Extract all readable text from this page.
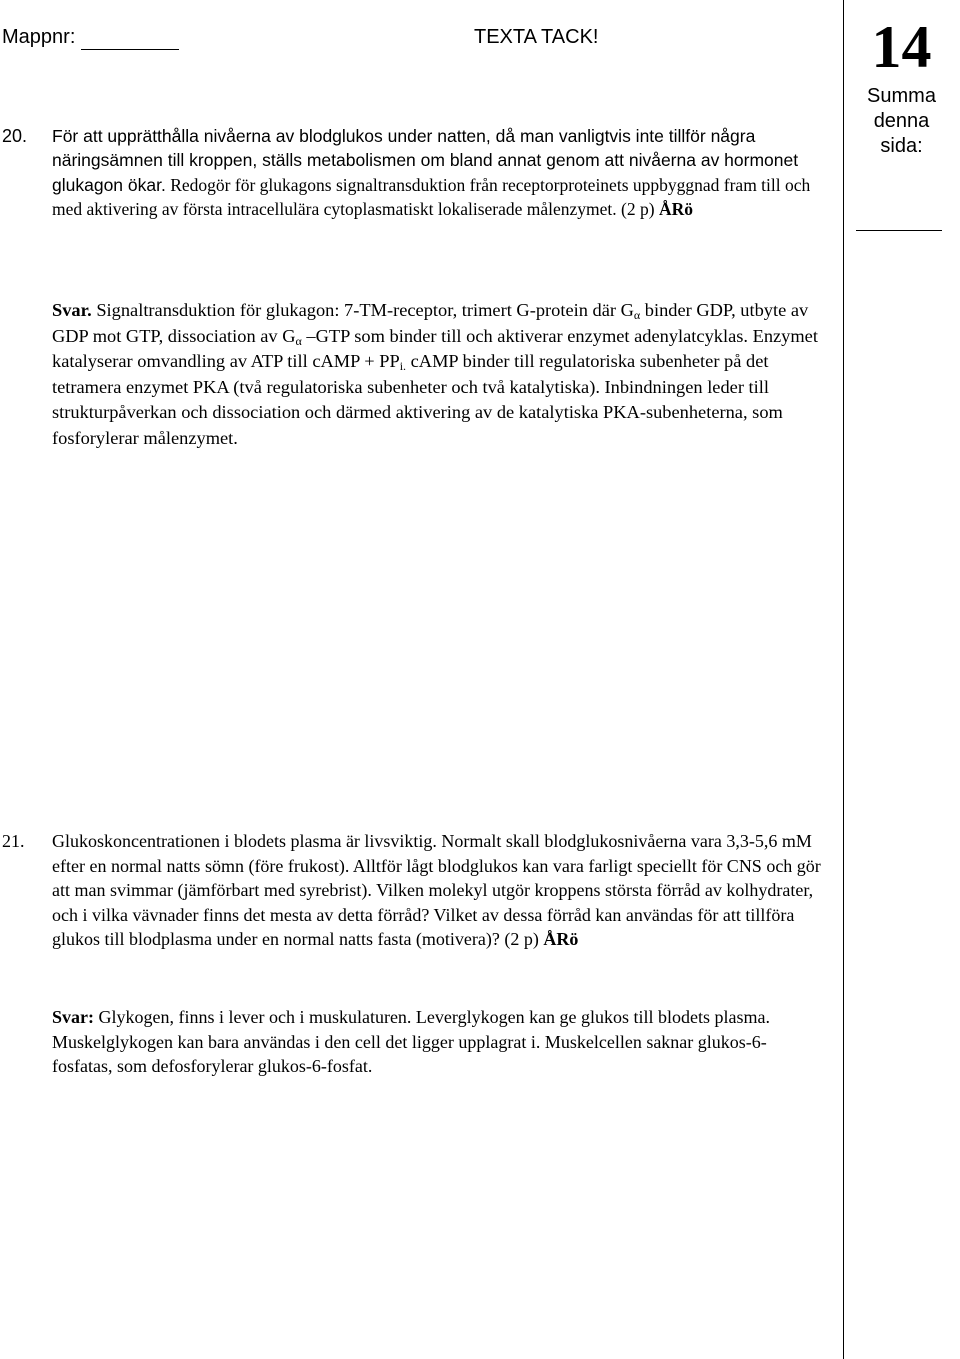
Mappnr:	TEXTA TACK!	14
Summa
denna
sida:
20. För att upprätthålla nivåerna av blodglukos under natten, då man vanligtvis inte tillför några näringsämnen till kroppen, ställs metabolismen om bland annat genom att nivåerna av hormonet glukagon ökar. Redogör för glukagons signaltransduktion från receptorproteinets uppbyggnad fram till och med aktivering av första intracellulära cytoplasmatiskt lokaliserade målenzymet. (2 p) ÅRö
Svar. Signaltransduktion för glukagon: 7-TM-receptor, trimert G-protein där $G_\alpha$ binder GDP, utbyte av GDP mot GTP, dissociation av $G_\alpha$ –GTP som binder till och aktiverar enzymet adenylatcyklas. Enzymet katalyserar omvandling av ATP till cAMP + $PP_{i.}$ cAMP binder till regulatoriska subenheter på det tetramera enzymet PKA (två regulatoriska subenheter och två katalytiska). Inbindningen leder till strukturpåverkan och dissociation och därmed aktivering av de katalytiska PKA-subenheterna, som fosforylerar målenzymet.
21. Glukoskoncentrationen i blodets plasma är livsviktig. Normalt skall blodglukosnivåerna vara 3,3-5,6 mM efter en normal natts sömn (före frukost). Alltför lågt blodglukos kan vara farligt speciellt för CNS och gör att man svimmar (jämförbart med syrebrist). Vilken molekyl utgör kroppens största förråd av kolhydrater, och i vilka vävnader finns det mesta av detta förråd? Vilket av dessa förråd kan användas för att tillföra glukos till blodplasma under en normal natts fasta (motivera)? (2 p) ÅRö
Svar: Glykogen, finns i lever och i muskulaturen. Leverglykogen kan ge glukos till blodets plasma. Muskelglykogen kan bara användas i den cell det ligger upplagrat i. Muskelcellen saknar glukos-6-fosfatas, som defosforylerar glukos-6-fosfat.
